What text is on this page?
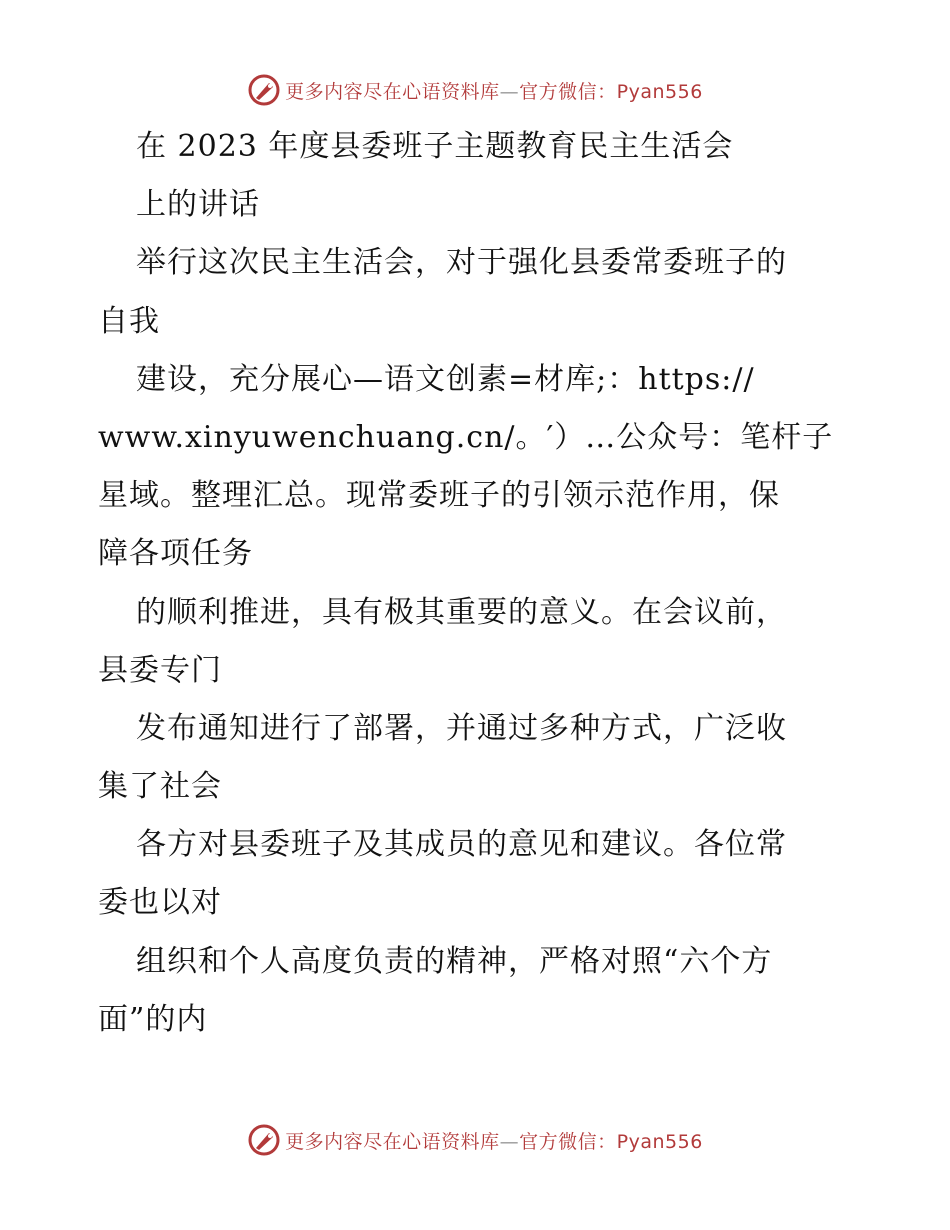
更多内容尽在心语资料库—官方微信：Pyan556
在 2023 年度县委班子主题教育民主生活会
上的讲话
举行这次民主生活会，对于强化县委常委班子的
自我
建设，充分展心—语文创素=材库;：https://
www.xinyuwenchuang.cn/。′）…公众号：笔杆子
星域。整理汇总。现常委班子的引领示范作用，保
障各项任务
的顺利推进，具有极其重要的意义。在会议前，
县委专门
发布通知进行了部署，并通过多种方式，广泛收
集了社会
各方对县委班子及其成员的意见和建议。各位常
委也以对
组织和个人高度负责的精神，严格对照“六个方
面”的内
更多内容尽在心语资料库—官方微信：Pyan556
